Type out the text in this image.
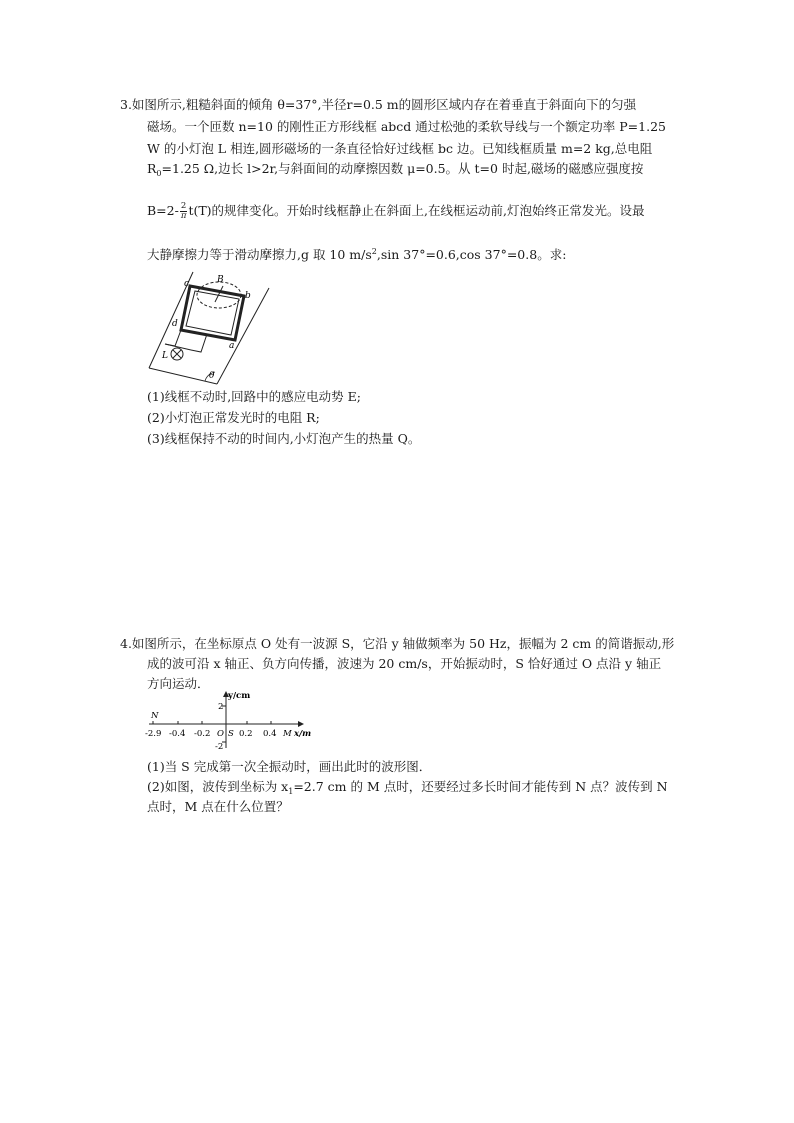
3.如图所示,粗糙斜面的倾角 θ=37°,半径r=0.5 m的圆形区域内存在着垂直于斜面向下的匀强
磁场。一个匝数 n=10 的刚性正方形线框 abcd 通过松弛的柔软导线与一个额定功率 P=1.25
W 的小灯泡 L 相连,圆形磁场的一条直径恰好过线框 bc 边。已知线框质量 m=2 kg,总电阻
$R_0=1.25$ Ω,边长 l>2r,与斜面间的动摩擦因数 μ=0.5。从 t=0 时起,磁场的磁感应强度按
$B=2- \frac{2}{\pi} t(T)$的规律变化。开始时线框静止在斜面上,在线框运动前,灯泡始终正常发光。设最
大静摩擦力等于滑动摩擦力,g 取 10 $m/s^2,\sin$ 37°=0.6,cos 37°=0.8。求:
B
c
b
d
a
L
θ
(1)线框不动时,回路中的感应电动势 E;
(2)小灯泡正常发光时的电阻 R;
(3)线框保持不动的时间内,小灯泡产生的热量 Q。
4.如图所示，在坐标原点 O 处有一波源 S，它沿 y 轴做频率为 50 Hz，振幅为 2 cm 的简谐振动,形
成的波可沿 x 轴正、负方向传播，波速为 20 cm/s，开始振动时，S 恰好通过 O 点沿 y 轴正
方向运动．
y/cm
x/m
2
-2
N
M
O S
-2.9 -0.4 -0.2	0.2 0.4
(1)当 S 完成第一次全振动时，画出此时的波形图．
(2)如图，波传到坐标为 $x_1=2.7$ cm 的 M 点时，还要经过多长时间才能传到 N 点？波传到 N
点时，M 点在什么位置？
